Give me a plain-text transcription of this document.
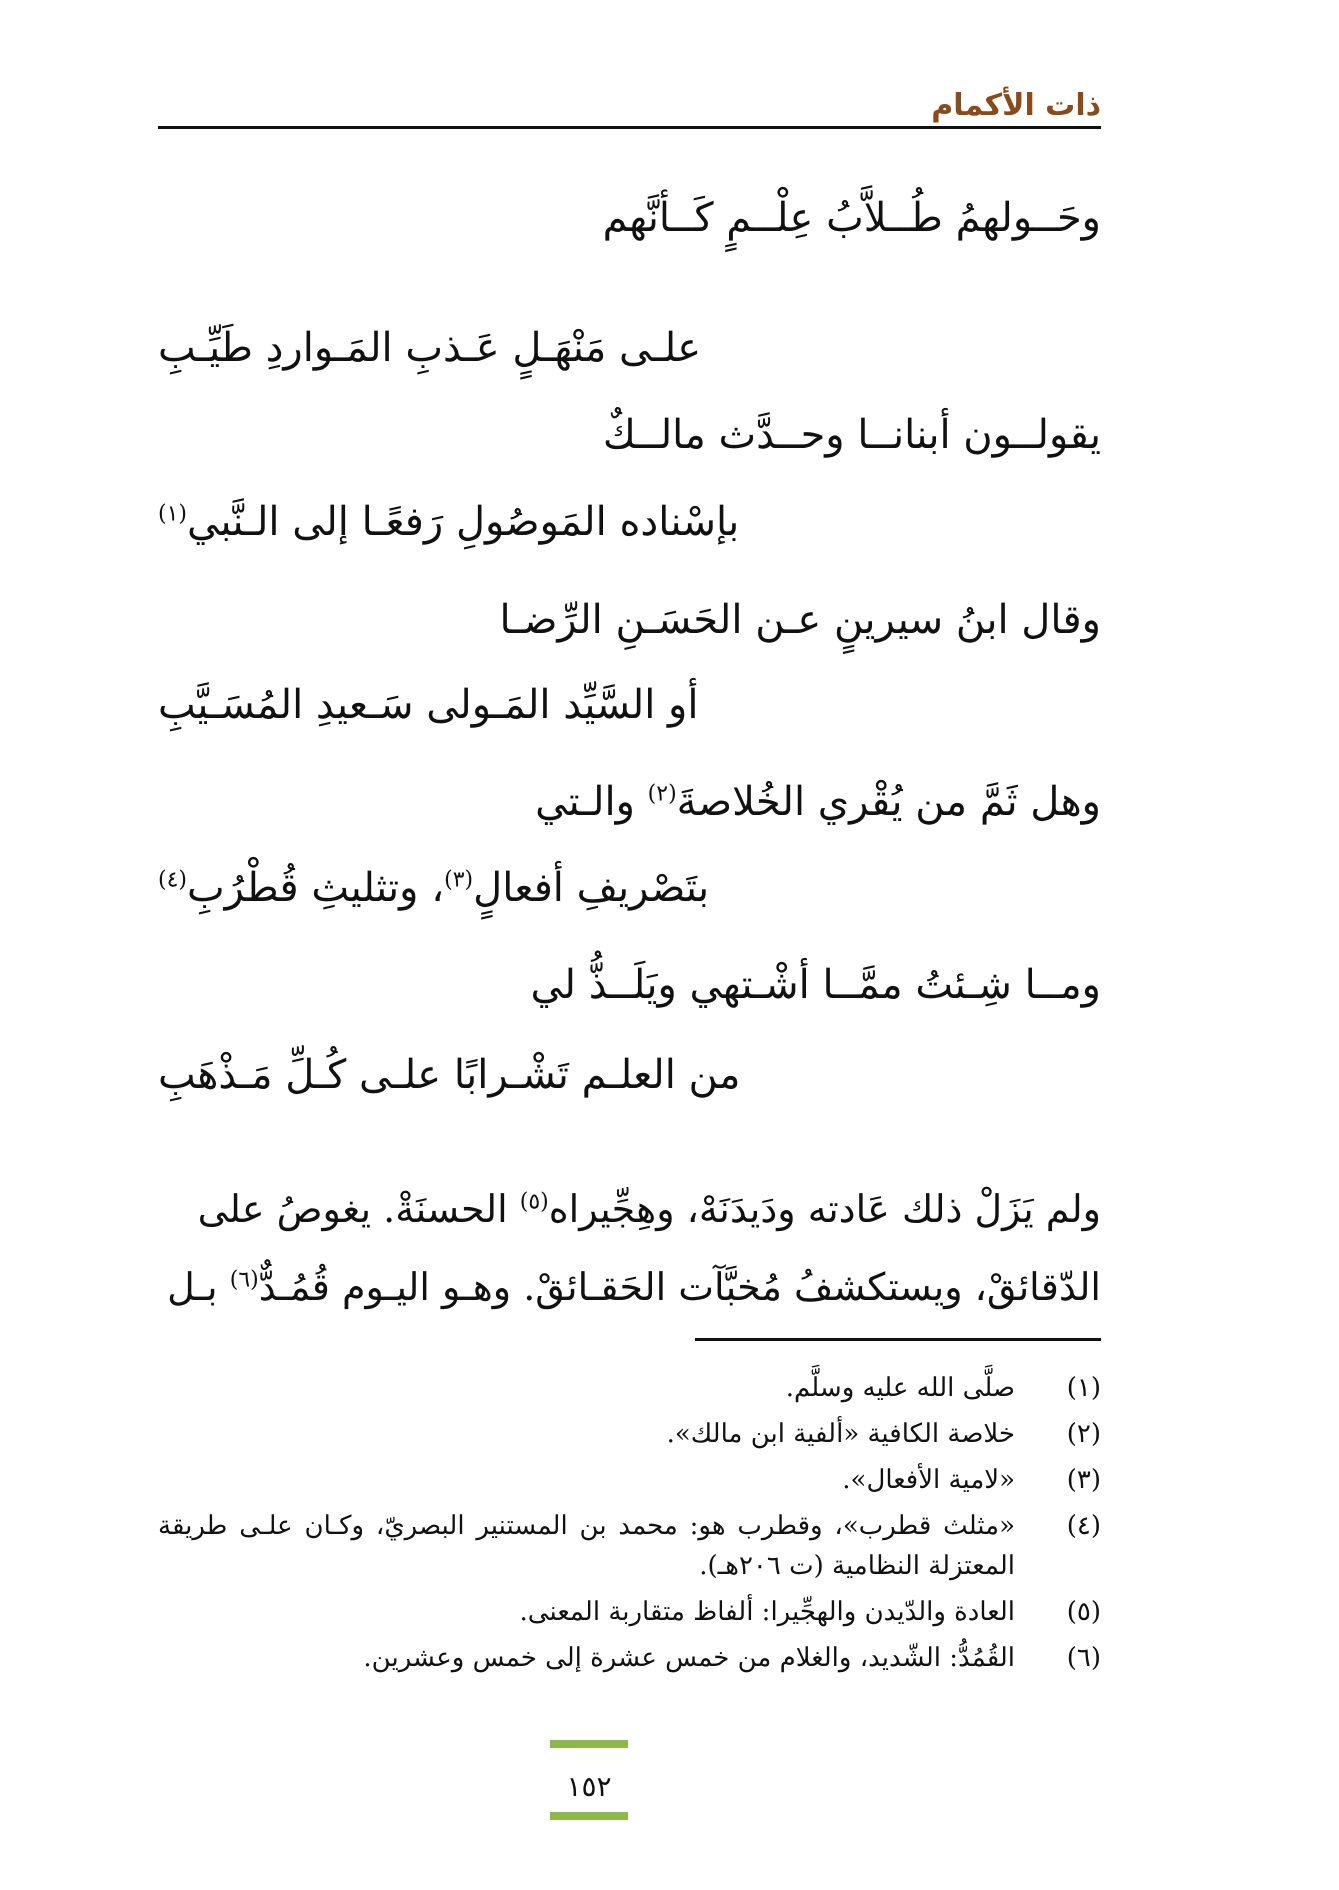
ذات الأكمام
وحَــولهمُ طُــلاَّبُ عِلْــمٍ كَــأنَّهم
علـى مَنْهَـلٍ عَـذبِ المَـواردِ طَيِّـبِ
يقولــون أبنانــا وحــدَّث مالــكٌ
بإسْناده المَوصُولِ رَفعًـا إلى الـنَّبي$^{(١)}$
وقال ابنُ سيرينٍ عـن الحَسَـنِ الرِّضـا
أو السَّيِّد المَـولى سَـعيدِ المُسَـيَّبِ
وهل ثَمَّ من يُقْري الخُلاصةَ$^{(٢)}$ والـتي
بتَصْريفِ أفعالٍ$^{(٣)}$، وتثليثِ قُطْرُبِ$^{(٤)}$
ومــا شِـئتُ ممَّــا أشْـتهي ويَلَــذُّ لي
من العلـم تَشْـرابًا علـى كُـلِّ مَـذْهَبِ
ولم يَزَلْ ذلك عَادته ودَيدَنَهْ، وهِجِّيراه$^{(٥)}$ الحسنَةْ. يغوصُ على
الدّقائقْ، ويستكشفُ مُخبَّآت الحَقـائقْ. وهـو اليـوم قُمُـدٌّ$^{(٦)}$ بـل
(١)
صلَّى الله عليه وسلَّم.
(٢)
خلاصة الكافية «ألفية ابن مالك».
(٣)
«لامية الأفعال».
(٤)
«مثلث قطرب»، وقطرب هو: محمد بن المستنير البصريّ، وكـان علـى طريقة المعتزلة النظامية (ت ٢٠٦هـ).
(٥)
العادة والدّيدن والهجِّيرا: ألفاظ متقاربة المعنى.
(٦)
القُمُدُّ: الشّديد، والغلام من خمس عشرة إلى خمس وعشرين.
١٥٢
